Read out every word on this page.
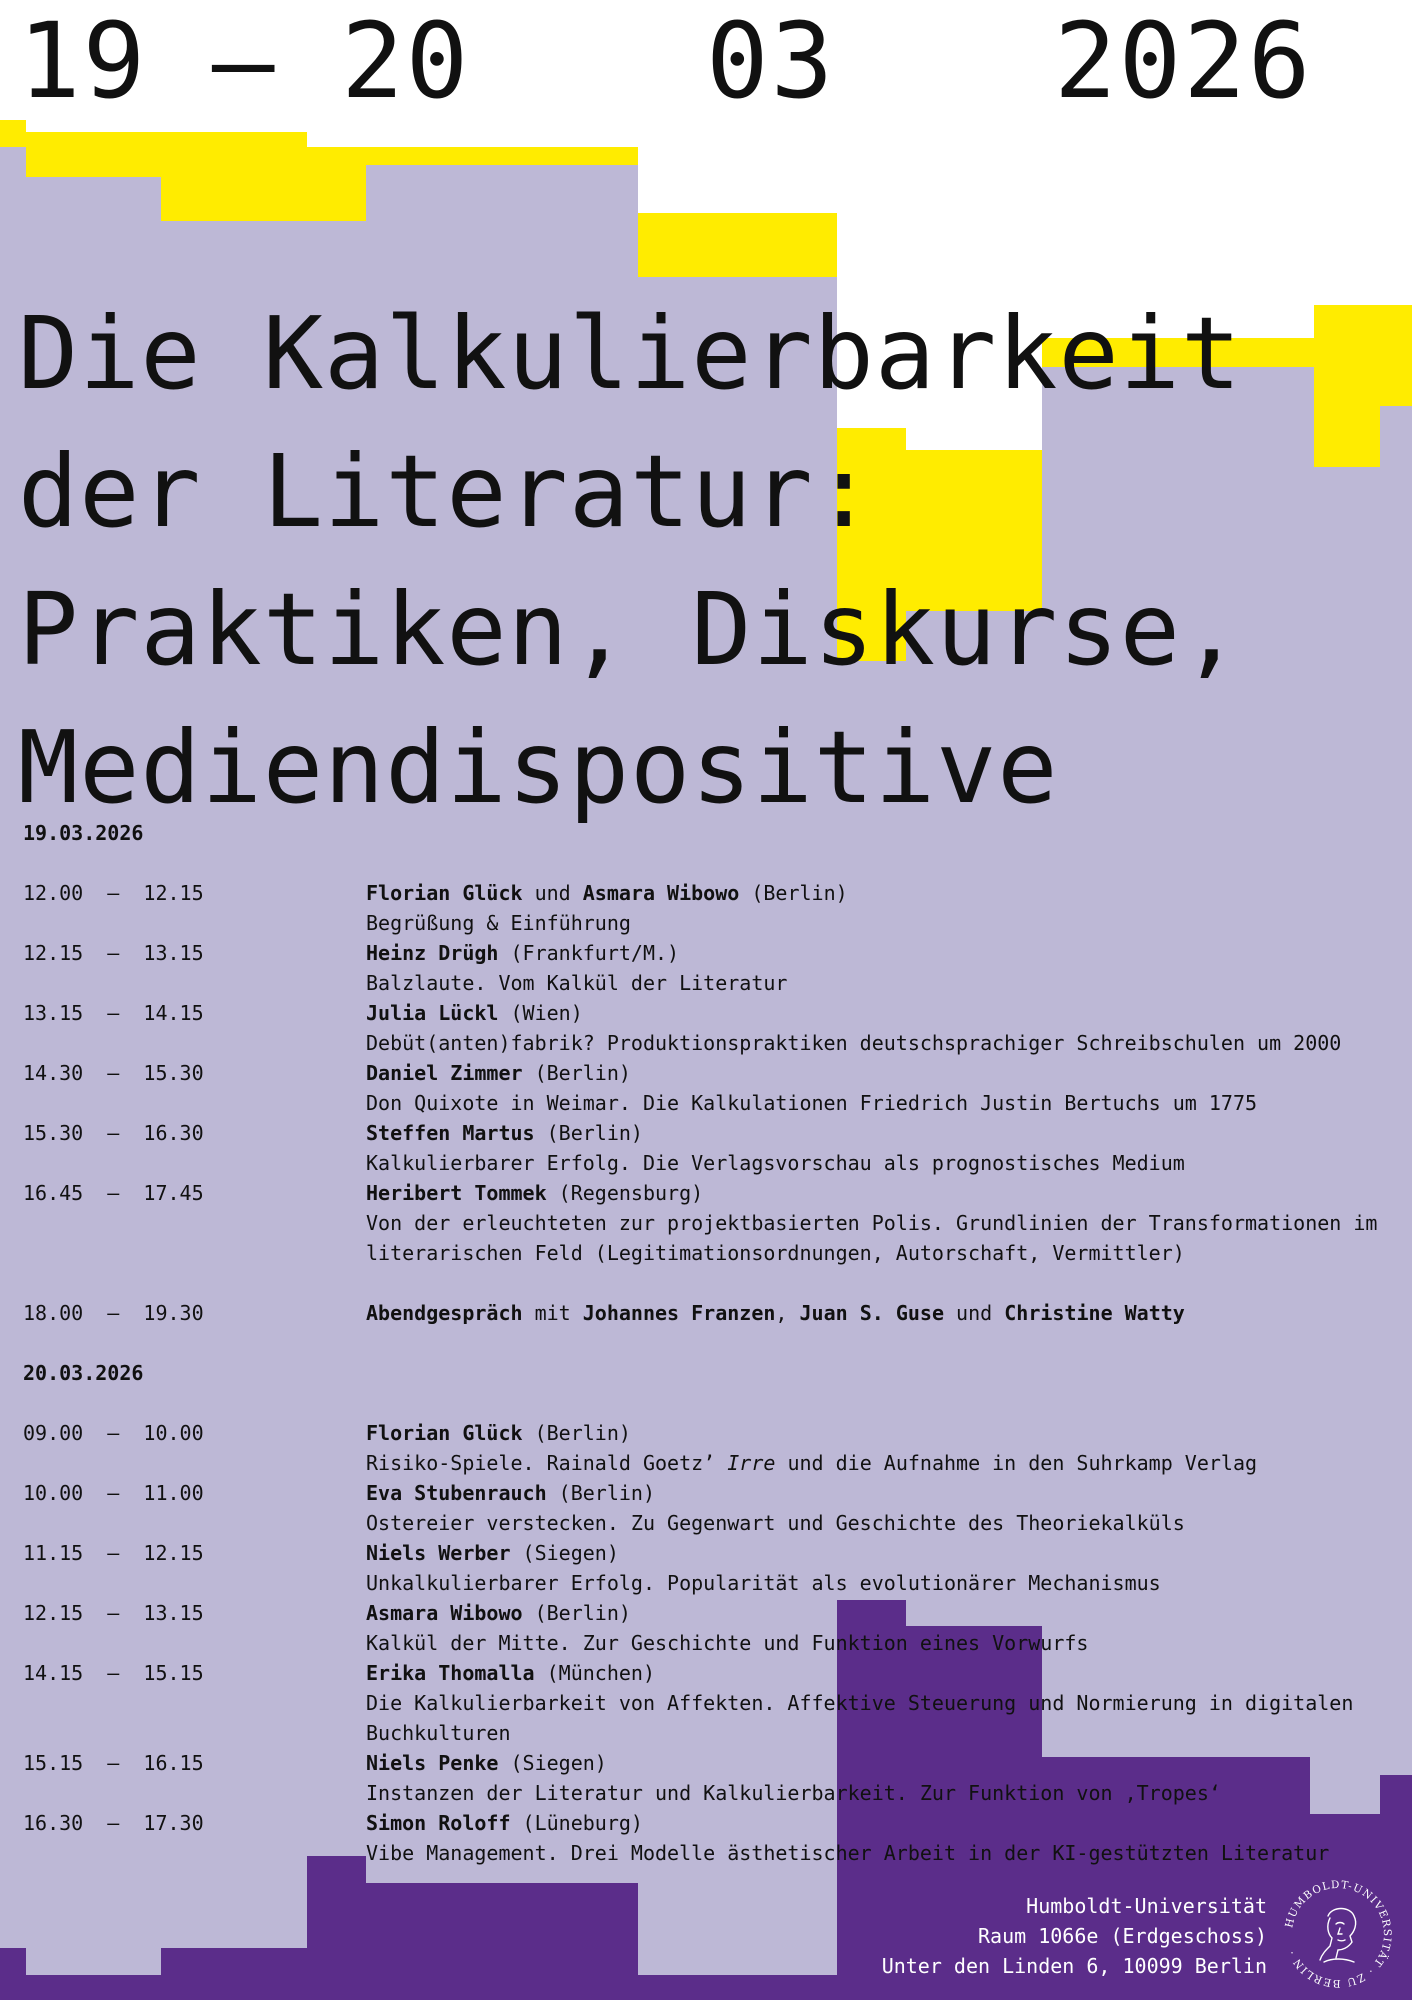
19 – 20 03 2026
Die Kalkulierbarkeit
der Literatur:
Praktiken, Diskurse,
Mediendispositive
19.03.2026
12.00  –  12.15	Florian Glück und Asmara Wibowo (Berlin)
Begrüßung & Einführung
12.15  –  13.15	Heinz Drügh (Frankfurt/M.)
Balzlaute. Vom Kalkül der Literatur
13.15  –  14.15	Julia Lückl (Wien)
Debüt(anten)fabrik? Produktionspraktiken deutschsprachiger Schreibschulen um 2000
14.30  –  15.30	Daniel Zimmer (Berlin)
Don Quixote in Weimar. Die Kalkulationen Friedrich Justin Bertuchs um 1775
15.30  –  16.30	Steffen Martus (Berlin)
Kalkulierbarer Erfolg. Die Verlagsvorschau als prognostisches Medium
16.45  –  17.45	Heribert Tommek (Regensburg)
Von der erleuchteten zur projektbasierten Polis. Grundlinien der Transformationen im literarischen Feld (Legitimationsordnungen, Autorschaft, Vermittler)
18.00  –  19.30	Abendgespräch mit Johannes Franzen, Juan S. Guse und Christine Watty
20.03.2026
09.00  –  10.00	Florian Glück (Berlin)
Risiko-Spiele. Rainald Goetz’ Irre und die Aufnahme in den Suhrkamp Verlag
10.00  –  11.00	Eva Stubenrauch (Berlin)
Ostereier verstecken. Zu Gegenwart und Geschichte des Theoriekalküls
11.15  –  12.15	Niels Werber (Siegen)
Unkalkulierbarer Erfolg. Popularität als evolutionärer Mechanismus
12.15  –  13.15	Asmara Wibowo (Berlin)
Kalkül der Mitte. Zur Geschichte und Funktion eines Vorwurfs
14.15  –  15.15	Erika Thomalla (München)
Die Kalkulierbarkeit von Affekten. Affektive Steuerung und Normierung in digitalen Buchkulturen
15.15  –  16.15	Niels Penke (Siegen)
Instanzen der Literatur und Kalkulierbarkeit. Zur Funktion von ‚Tropes‘
16.30  –  17.30	Simon Roloff (Lüneburg)
Vibe Management. Drei Modelle ästhetischer Arbeit in der KI-gestützten Literatur
Humboldt-Universität
Raum 1066e (Erdgeschoss)
Unter den Linden 6, 10099 Berlin
HUMBOLDT-UNIVERSITÄT · ZU BERLIN ·
